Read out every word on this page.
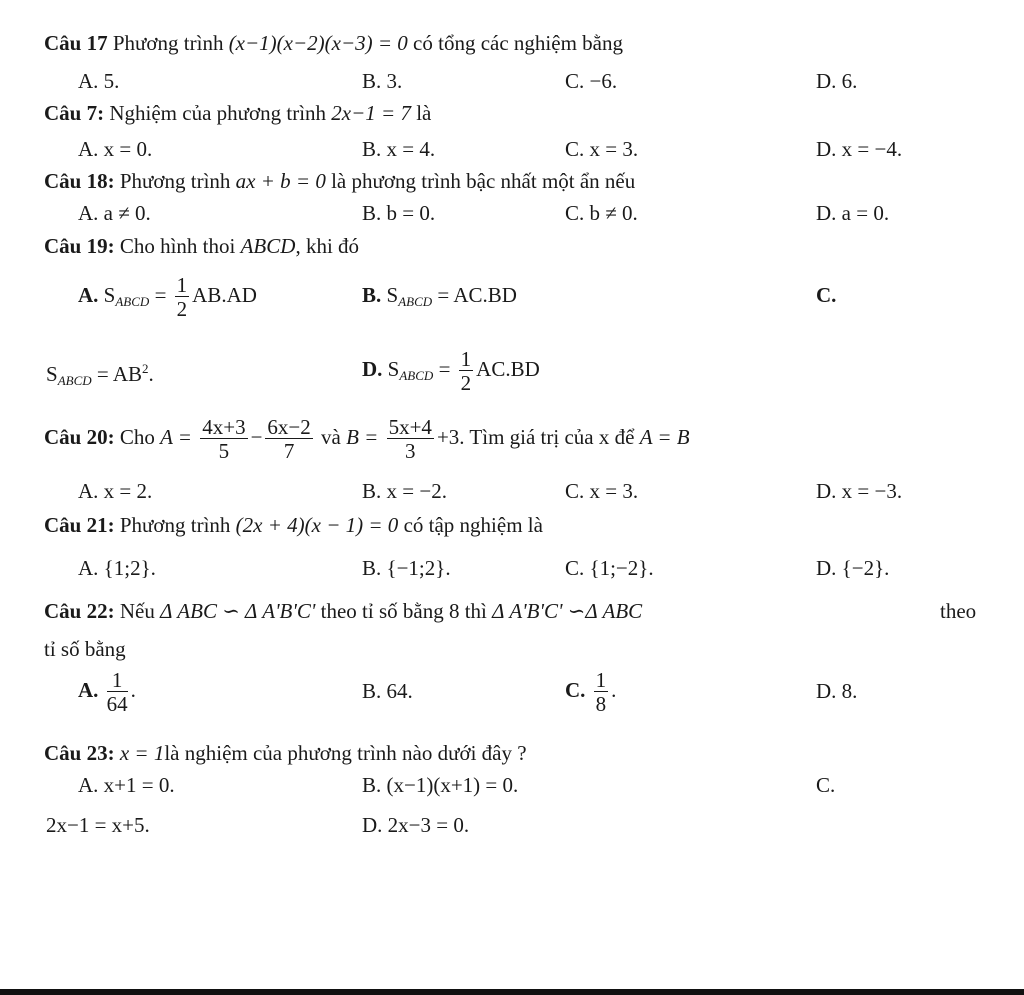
Câu 17 Phương trình (x−1)(x−2)(x−3) = 0 có tổng các nghiệm bằng
A. 5.	B. 3.	C. −6.	D. 6.
Câu 7: Nghiệm của phương trình 2x−1 = 7 là
A. x = 0.	B. x = 4.	C. x = 3.	D. x = −4.
Câu 18: Phương trình ax + b = 0 là phương trình bậc nhất một ẩn nếu
A. a ≠ 0.	B. b = 0.	C. b ≠ 0.	D. a = 0.
Câu 19: Cho hình thoi ABCD, khi đó
A. $S_{ABCD} = \frac{1}{2} AB.AD$	B. $S_{ABCD} = AC.BD$	C.
$S_{ABCD} = AB^2$.	D. $S_{ABCD} = \frac{1}{2} AC.BD$
Câu 20: Cho $A = \frac{4x+3}{5} - \frac{6x-2}{7}$ và $B = \frac{5x+4}{3} +3$. Tìm giá trị của x để A = B
A. x = 2.	B. x = −2.	C. x = 3.	D. x = −3.
Câu 21: Phương trình (2x + 4)(x − 1) = 0 có tập nghiệm là
A. {1;2}.	B. {−1;2}.	C. {1;−2}.	D. {−2}.
Câu 22: Nếu Δ ABC ∽ Δ A'B'C' theo tỉ số bằng 8 thì Δ A'B'C' ∽Δ ABC	theo
tỉ số bằng
A. $\frac{1}{64}$ .	B. 64.	C. $\frac{1}{8}$ .	D. 8.
Câu 23: x = 1là nghiệm của phương trình nào dưới đây ?
A. x+1 = 0.	B. (x−1)(x+1) = 0.	C.
2x−1 = x+5.	D. 2x−3 = 0.
